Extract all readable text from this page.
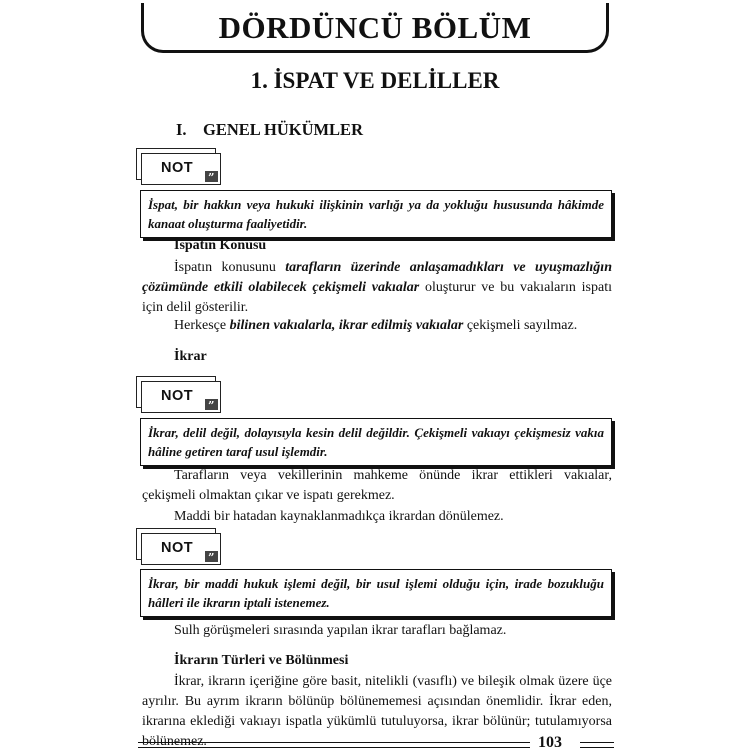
DÖRDÜNCÜ BÖLÜM
1. İSPAT VE DELİLLER
I. GENEL HÜKÜMLER
NOT
”
İspat, bir hakkın veya hukuki ilişkinin varlığı ya da yokluğu hususunda hâkimde kanaat oluşturma faaliyetidir.
İspatın Konusu
İspatın konusunu tarafların üzerinde anlaşamadıkları ve uyuşmazlığın çözümünde etkili olabilecek çekişmeli vakıalar oluşturur ve bu vakıaların ispatı için delil gösterilir.
Herkesçe bilinen vakıalarla, ikrar edilmiş vakıalar çekişmeli sayılmaz.
İkrar
NOT
”
İkrar, delil değil, dolayısıyla kesin delil değildir. Çekişmeli vakıayı çekişmesiz vakıa hâline getiren taraf usul işlemdir.
Tarafların veya vekillerinin mahkeme önünde ikrar ettikleri vakıalar, çekişmeli olmaktan çıkar ve ispatı gerekmez.
Maddi bir hatadan kaynaklanmadıkça ikrardan dönülemez.
NOT
”
İkrar, bir maddi hukuk işlemi değil, bir usul işlemi olduğu için, irade bozukluğu hâlleri ile ikrarın iptali istenemez.
Sulh görüşmeleri sırasında yapılan ikrar tarafları bağlamaz.
İkrarın Türleri ve Bölünmesi
İkrar, ikrarın içeriğine göre basit, nitelikli (vasıflı) ve bileşik olmak üzere üçe ayrılır. Bu ayrım ikrarın bölünüp bölünememesi açısından önemlidir. İkrar eden, ikrarına eklediği vakıayı ispatla yükümlü tutuluyorsa, ikrar bölünür; tutulamıyorsa bölünemez.	103
